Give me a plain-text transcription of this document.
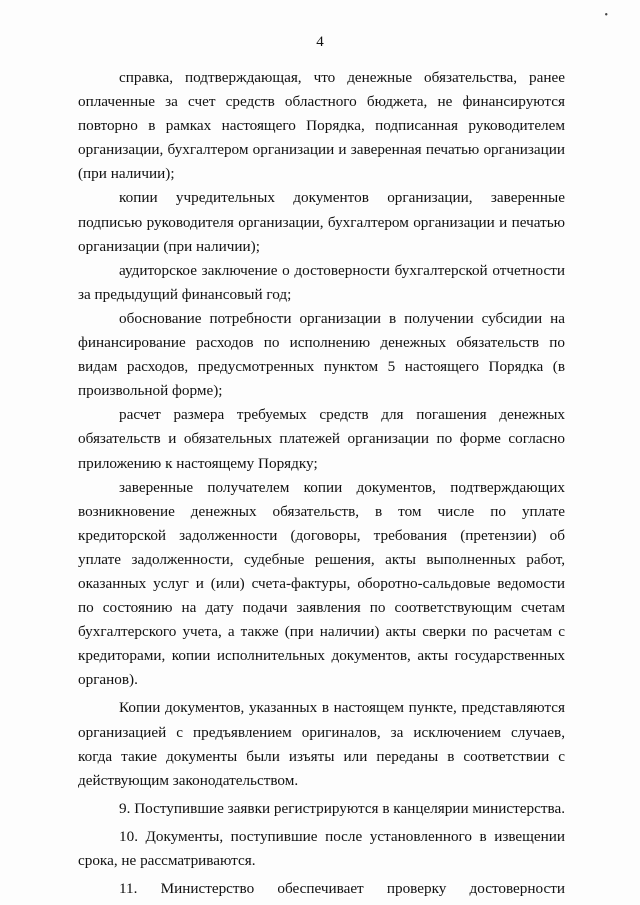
•
4

справка, подтверждающая, что денежные обязательства, ранее оплаченные за счет средств областного бюджета, не финансируются повторно в рамках настоящего Порядка, подписанная руководителем организации, бухгалтером организации и заверенная печатью организации (при наличии);

копии учредительных документов организации, заверенные подписью руководителя организации, бухгалтером организации и печатью организации (при наличии);

аудиторское заключение о достоверности бухгалтерской отчетности за предыдущий финансовый год;

обоснование потребности организации в получении субсидии на финансирование расходов по исполнению денежных обязательств по видам расходов, предусмотренных пунктом 5 настоящего Порядка (в произвольной форме);

расчет размера требуемых средств для погашения денежных обязательств и обязательных платежей организации по форме согласно приложению к настоящему Порядку;

заверенные получателем копии документов, подтверждающих возникновение денежных обязательств, в том числе по уплате кредиторской задолженности (договоры, требования (претензии) об уплате задолженности, судебные решения, акты выполненных работ, оказанных услуг и (или) счета-фактуры, оборотно-сальдовые ведомости по состоянию на дату подачи заявления по соответствующим счетам бухгалтерского учета, а также (при наличии) акты сверки по расчетам с кредиторами, копии исполнительных документов, акты государственных органов).

Копии документов, указанных в настоящем пункте, представляются организацией с предъявлением оригиналов, за исключением случаев, когда такие документы были изъяты или переданы в соответствии с действующим законодательством.

9. Поступившие заявки регистрируются в канцелярии министерства.

10. Документы, поступившие после установленного в извещении срока, не рассматриваются.

11. Министерство обеспечивает проверку достоверности
